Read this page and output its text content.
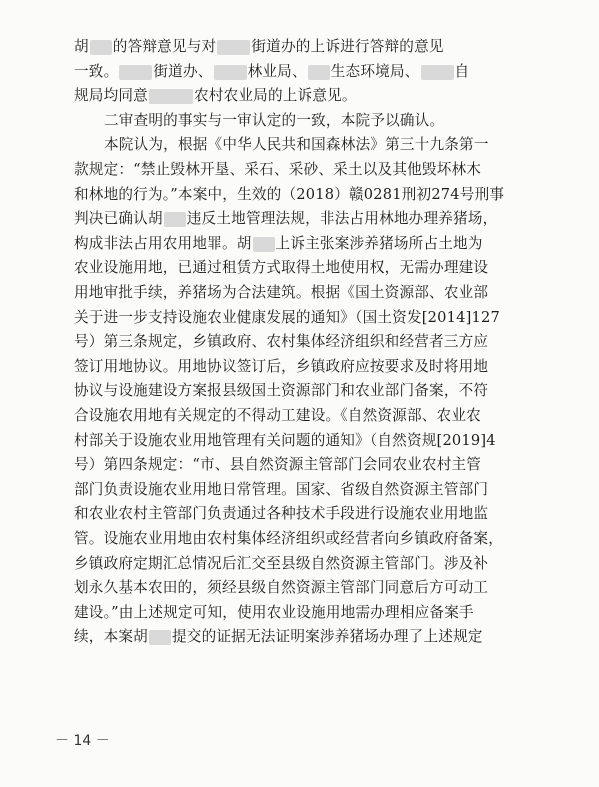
胡 的答辩意见与对 街道办的上诉进行答辩的意见
一致。 街道办、 林业局、 生态环境局、 自
规局均同意	农村农业局的上诉意见。
二审查明的事实与一审认定的一致，本院予以确认。
本院认为，根据《中华人民共和国森林法》第三十九条第一
款规定：“禁止毁林开垦、采石、采砂、采土以及其他毁坏林木
和林地的行为。”本案中，生效的（2018）赣0281刑初274号刑事
判决已确认胡 违反土地管理法规，非法占用林地办理养猪场，
构成非法占用农用地罪。胡 上诉主张案涉养猪场所占土地为
农业设施用地，已通过租赁方式取得土地使用权，无需办理建设
用地审批手续，养猪场为合法建筑。根据《国土资源部、农业部
关于进一步支持设施农业健康发展的通知》（国土资发[2014]127
号）第三条规定，乡镇政府、农村集体经济组织和经营者三方应
签订用地协议。用地协议签订后，乡镇政府应按要求及时将用地
协议与设施建设方案报县级国土资源部门和农业部门备案，不符
合设施农用地有关规定的不得动工建设。《自然资源部、农业农
村部关于设施农业用地管理有关问题的通知》（自然资规[2019]4
号）第四条规定：“市、县自然资源主管部门会同农业农村主管
部门负责设施农业用地日常管理。国家、省级自然资源主管部门
和农业农村主管部门负责通过各种技术手段进行设施农业用地监
管。设施农业用地由农村集体经济组织或经营者向乡镇政府备案，
乡镇政府定期汇总情况后汇交至县级自然资源主管部门。涉及补
划永久基本农田的，须经县级自然资源主管部门同意后方可动工
建设。”由上述规定可知，使用农业设施用地需办理相应备案手
续，本案胡 提交的证据无法证明案涉养猪场办理了上述规定
－ 14 －
